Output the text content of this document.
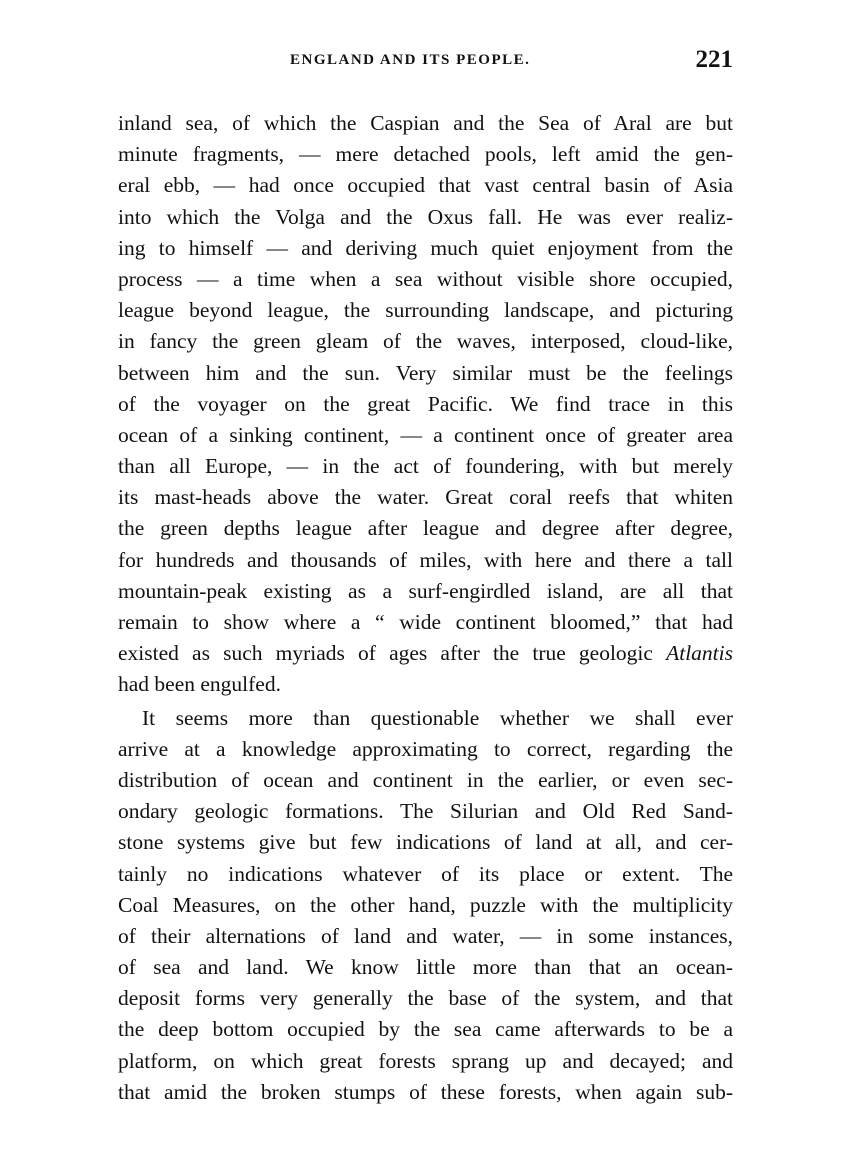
ENGLAND AND ITS PEOPLE.	221
inland sea, of which the Caspian and the Sea of Aral are but
minute fragments, — mere detached pools, left amid the gen-
eral ebb, — had once occupied that vast central basin of Asia
into which the Volga and the Oxus fall. He was ever realiz-
ing to himself — and deriving much quiet enjoyment from the
process — a time when a sea without visible shore occupied,
league beyond league, the surrounding landscape, and picturing
in fancy the green gleam of the waves, interposed, cloud-like,
between him and the sun. Very similar must be the feelings
of the voyager on the great Pacific. We find trace in this
ocean of a sinking continent, — a continent once of greater area
than all Europe, — in the act of foundering, with but merely
its mast-heads above the water. Great coral reefs that whiten
the green depths league after league and degree after degree,
for hundreds and thousands of miles, with here and there a tall
mountain-peak existing as a surf-engirdled island, are all that
remain to show where a “ wide continent bloomed,” that had
existed as such myriads of ages after the true geologic Atlantis
had been engulfed.
It seems more than questionable whether we shall ever
arrive at a knowledge approximating to correct, regarding the
distribution of ocean and continent in the earlier, or even sec-
ondary geologic formations. The Silurian and Old Red Sand-
stone systems give but few indications of land at all, and cer-
tainly no indications whatever of its place or extent. The
Coal Measures, on the other hand, puzzle with the multiplicity
of their alternations of land and water, — in some instances,
of sea and land. We know little more than that an ocean-
deposit forms very generally the base of the system, and that
the deep bottom occupied by the sea came afterwards to be a
platform, on which great forests sprang up and decayed; and
that amid the broken stumps of these forests, when again sub-
